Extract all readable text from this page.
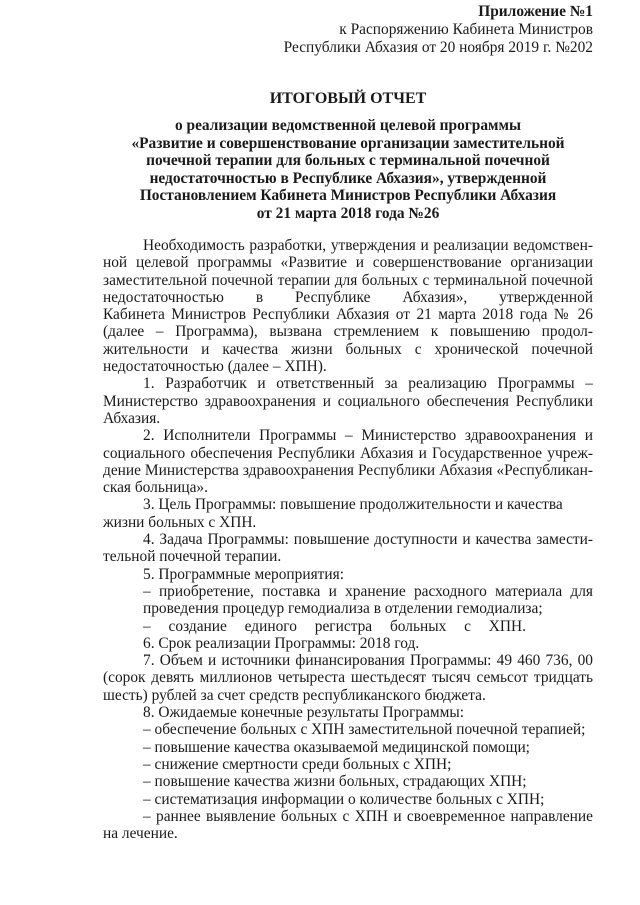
Приложение №1
к Распоряжению Кабинета Министров
Республики Абхазия от 20 ноября 2019 г. №202
ИТОГОВЫЙ ОТЧЕТ
о реализации ведомственной целевой программы
«Развитие и совершенствование организации заместительной
почечной терапии для больных с терминальной почечной
недостаточностью в Республике Абхазия», утвержденной
Постановлением Кабинета Министров Республики Абхазия
от 21 марта 2018 года №26
Необходимость разработки, утверждения и реализации ведомствен-
ной целевой программы «Развитие и совершенствование организации
заместительной почечной терапии для больных с терминальной почечной
недостаточностью в Республике Абхазия», утвержденной
Кабинета Министров Республики Абхазия от 21 марта 2018 года № 26
(далее – Программа), вызвана стремлением к повышению продол-
жительности и качества жизни больных с хронической почечной
недостаточностью (далее – ХПН).
1. Разработчик и ответственный за реализацию Программы –
Министерство здравоохранения и социального обеспечения Республики
Абхазия.
2. Исполнители Программы – Министерство здравоохранения и
социального обеспечения Республики Абхазия и Государственное учреж-
дение Министерства здравоохранения Республики Абхазия «Республикан-
ская больница».
3. Цель Программы: повышение продолжительности и качества
жизни больных с ХПН.
4. Задача Программы: повышение доступности и качества замести-
тельной почечной терапии.
5. Программные мероприятия:
– приобретение, поставка и хранение расходного материала для
проведения процедур гемодиализа в отделении гемодиализа;
– создание единого регистра больных с ХПН.
6. Срок реализации Программы: 2018 год.
7. Объем и источники финансирования Программы: 49 460 736, 00
(сорок девять миллионов четыреста шестьдесят тысяч семьсот тридцать
шесть) рублей за счет средств республиканского бюджета.
8. Ожидаемые конечные результаты Программы:
– обеспечение больных с ХПН заместительной почечной терапией;
– повышение качества оказываемой медицинской помощи;
– снижение смертности среди больных с ХПН;
– повышение качества жизни больных, страдающих ХПН;
– систематизация информации о количестве больных с ХПН;
– раннее выявление больных с ХПН и своевременное направление
на лечение.
